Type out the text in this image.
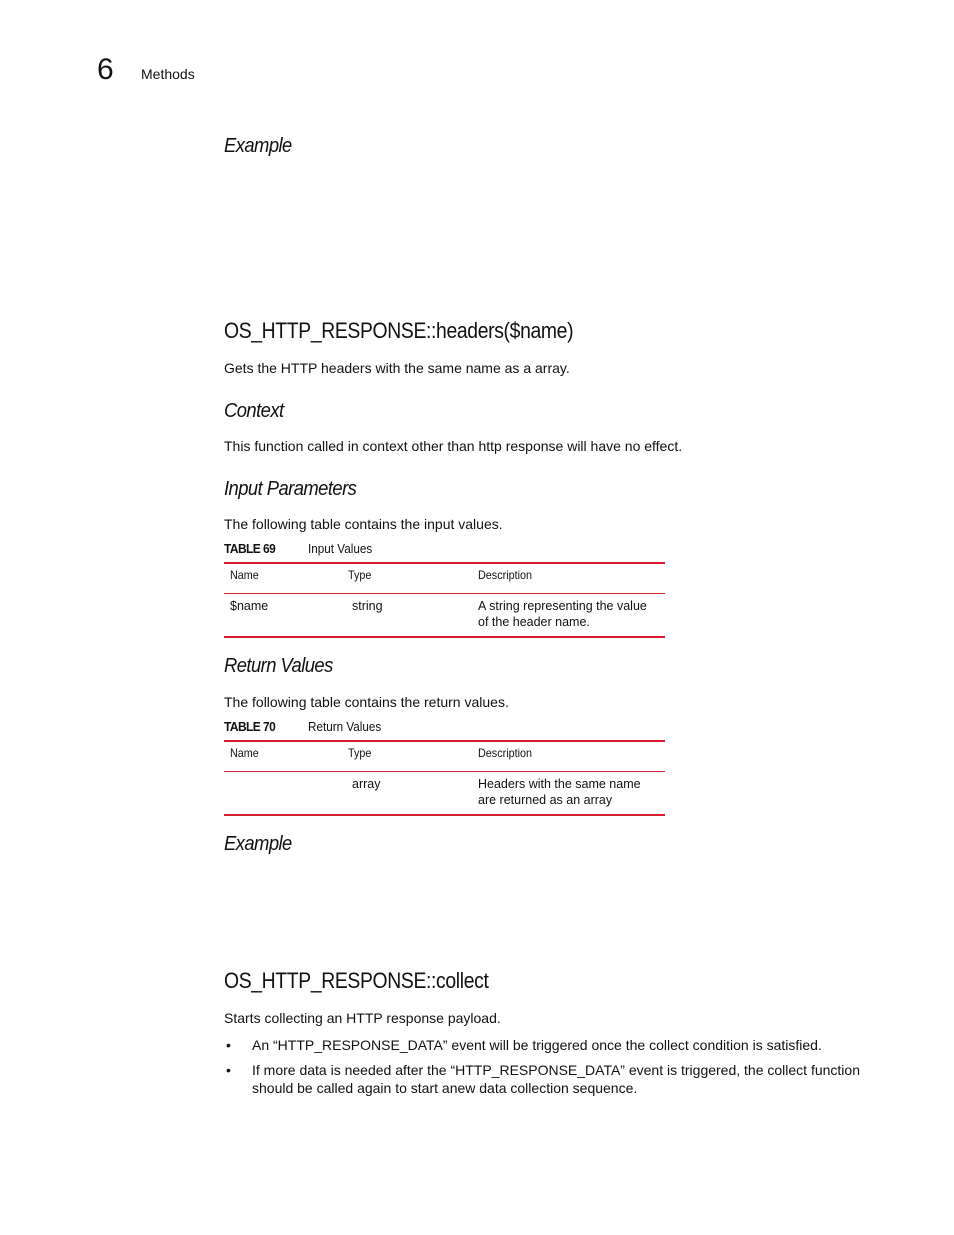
6 Methods
Example
OS_HTTP_RESPONSE::headers($name)
Gets the HTTP headers with the same name as a array.
Context
This function called in context other than http response will have no effect.
Input Parameters
The following table contains the input values.
TABLE 69	Input Values
Name	Type	Description
$name	string	A string representing the value of the header name.
Return Values
The following table contains the return values.
TABLE 70	Return Values
Name	Type	Description
	array	Headers with the same name are returned as an array
Example
OS_HTTP_RESPONSE::collect
Starts collecting an HTTP response payload.
• An “HTTP_RESPONSE_DATA” event will be triggered once the collect condition is satisfied.
• If more data is needed after the “HTTP_RESPONSE_DATA” event is triggered, the collect function should be called again to start anew data collection sequence.
